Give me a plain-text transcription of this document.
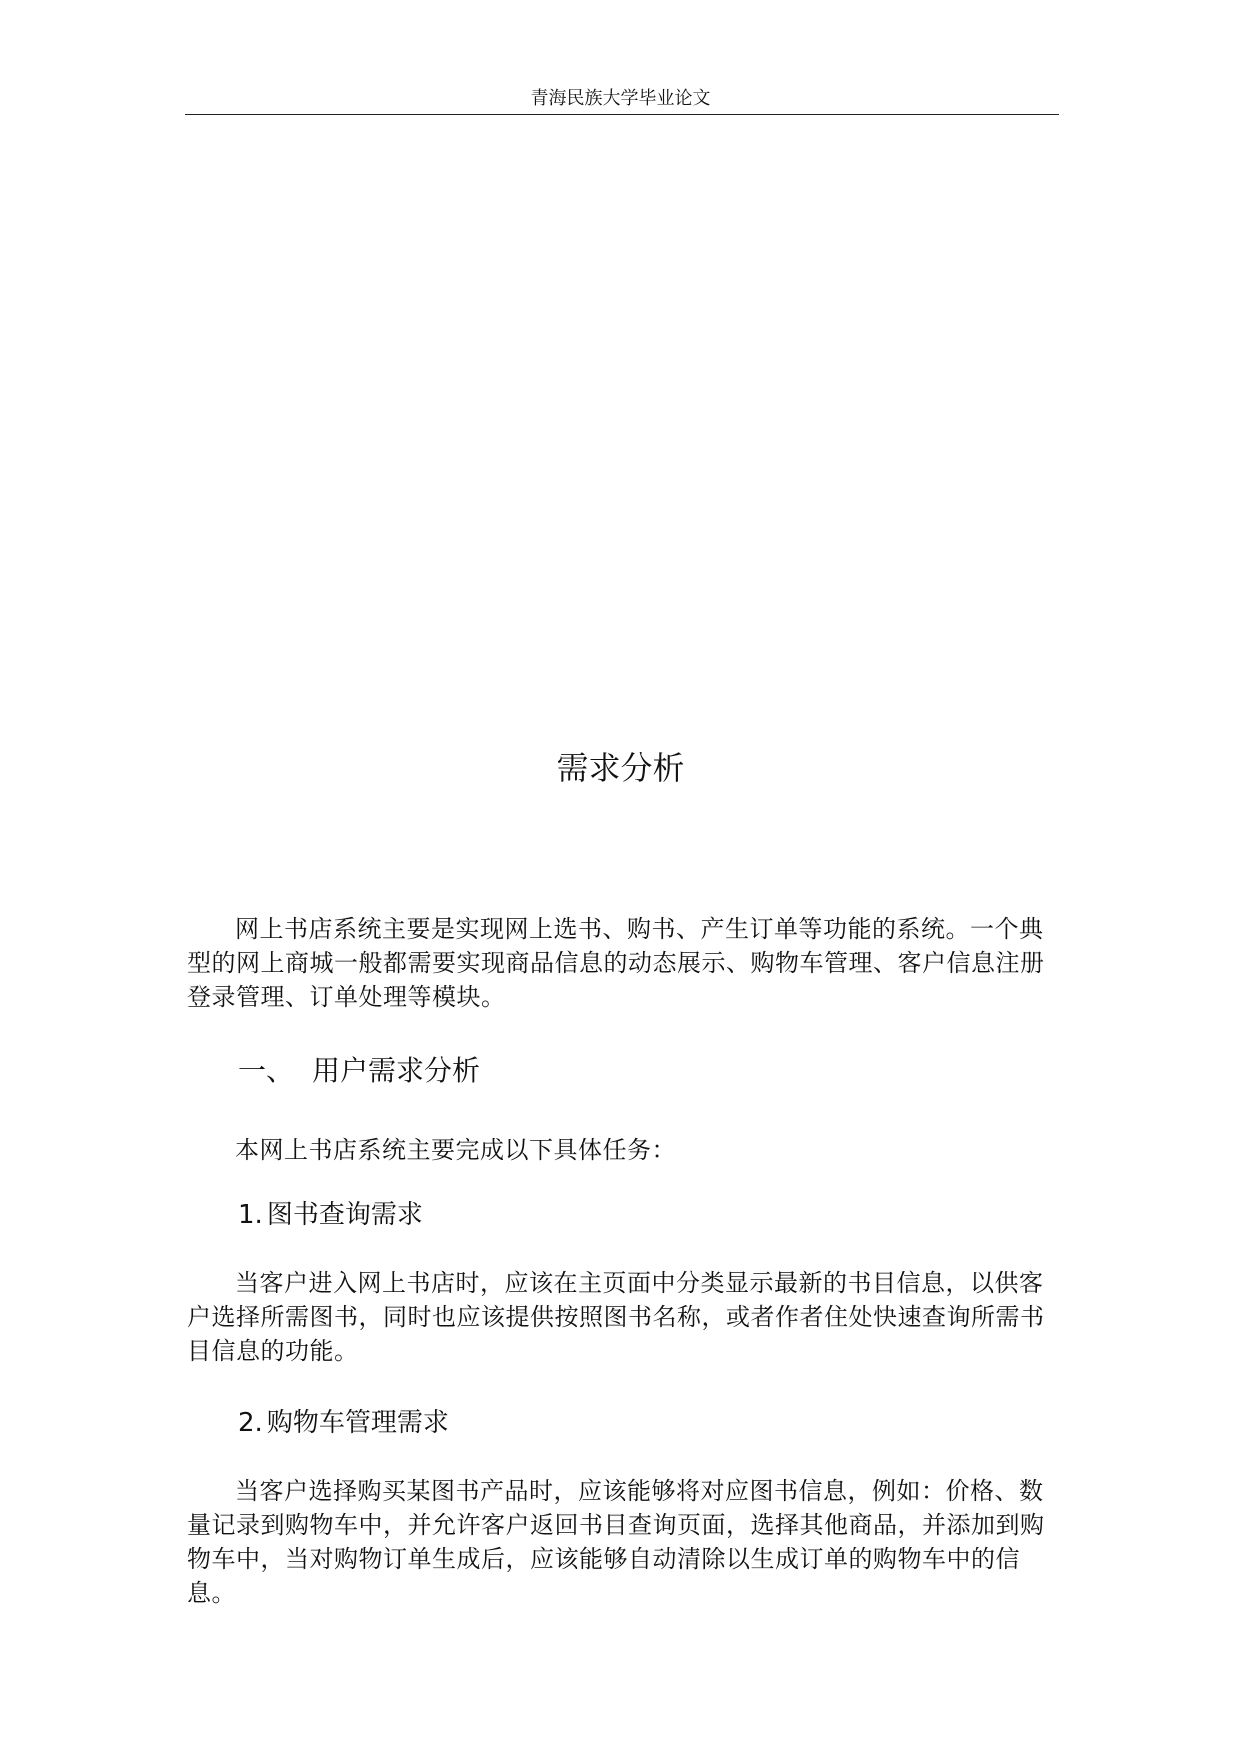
青海民族大学毕业论文
需求分析

网上书店系统主要是实现网上选书、购书、产生订单等功能的系统。一个典型的网上商城一般都需要实现商品信息的动态展示、购物车管理、客户信息注册登录管理、订单处理等模块。

一、 用户需求分析

本网上书店系统主要完成以下具体任务：

1. 图书查询需求

当客户进入网上书店时，应该在主页面中分类显示最新的书目信息，以供客户选择所需图书，同时也应该提供按照图书名称，或者作者住处快速查询所需书目信息的功能。

2. 购物车管理需求

当客户选择购买某图书产品时，应该能够将对应图书信息，例如：价格、数量记录到购物车中，并允许客户返回书目查询页面，选择其他商品，并添加到购物车中，当对购物订单生成后，应该能够自动清除以生成订单的购物车中的信息。
